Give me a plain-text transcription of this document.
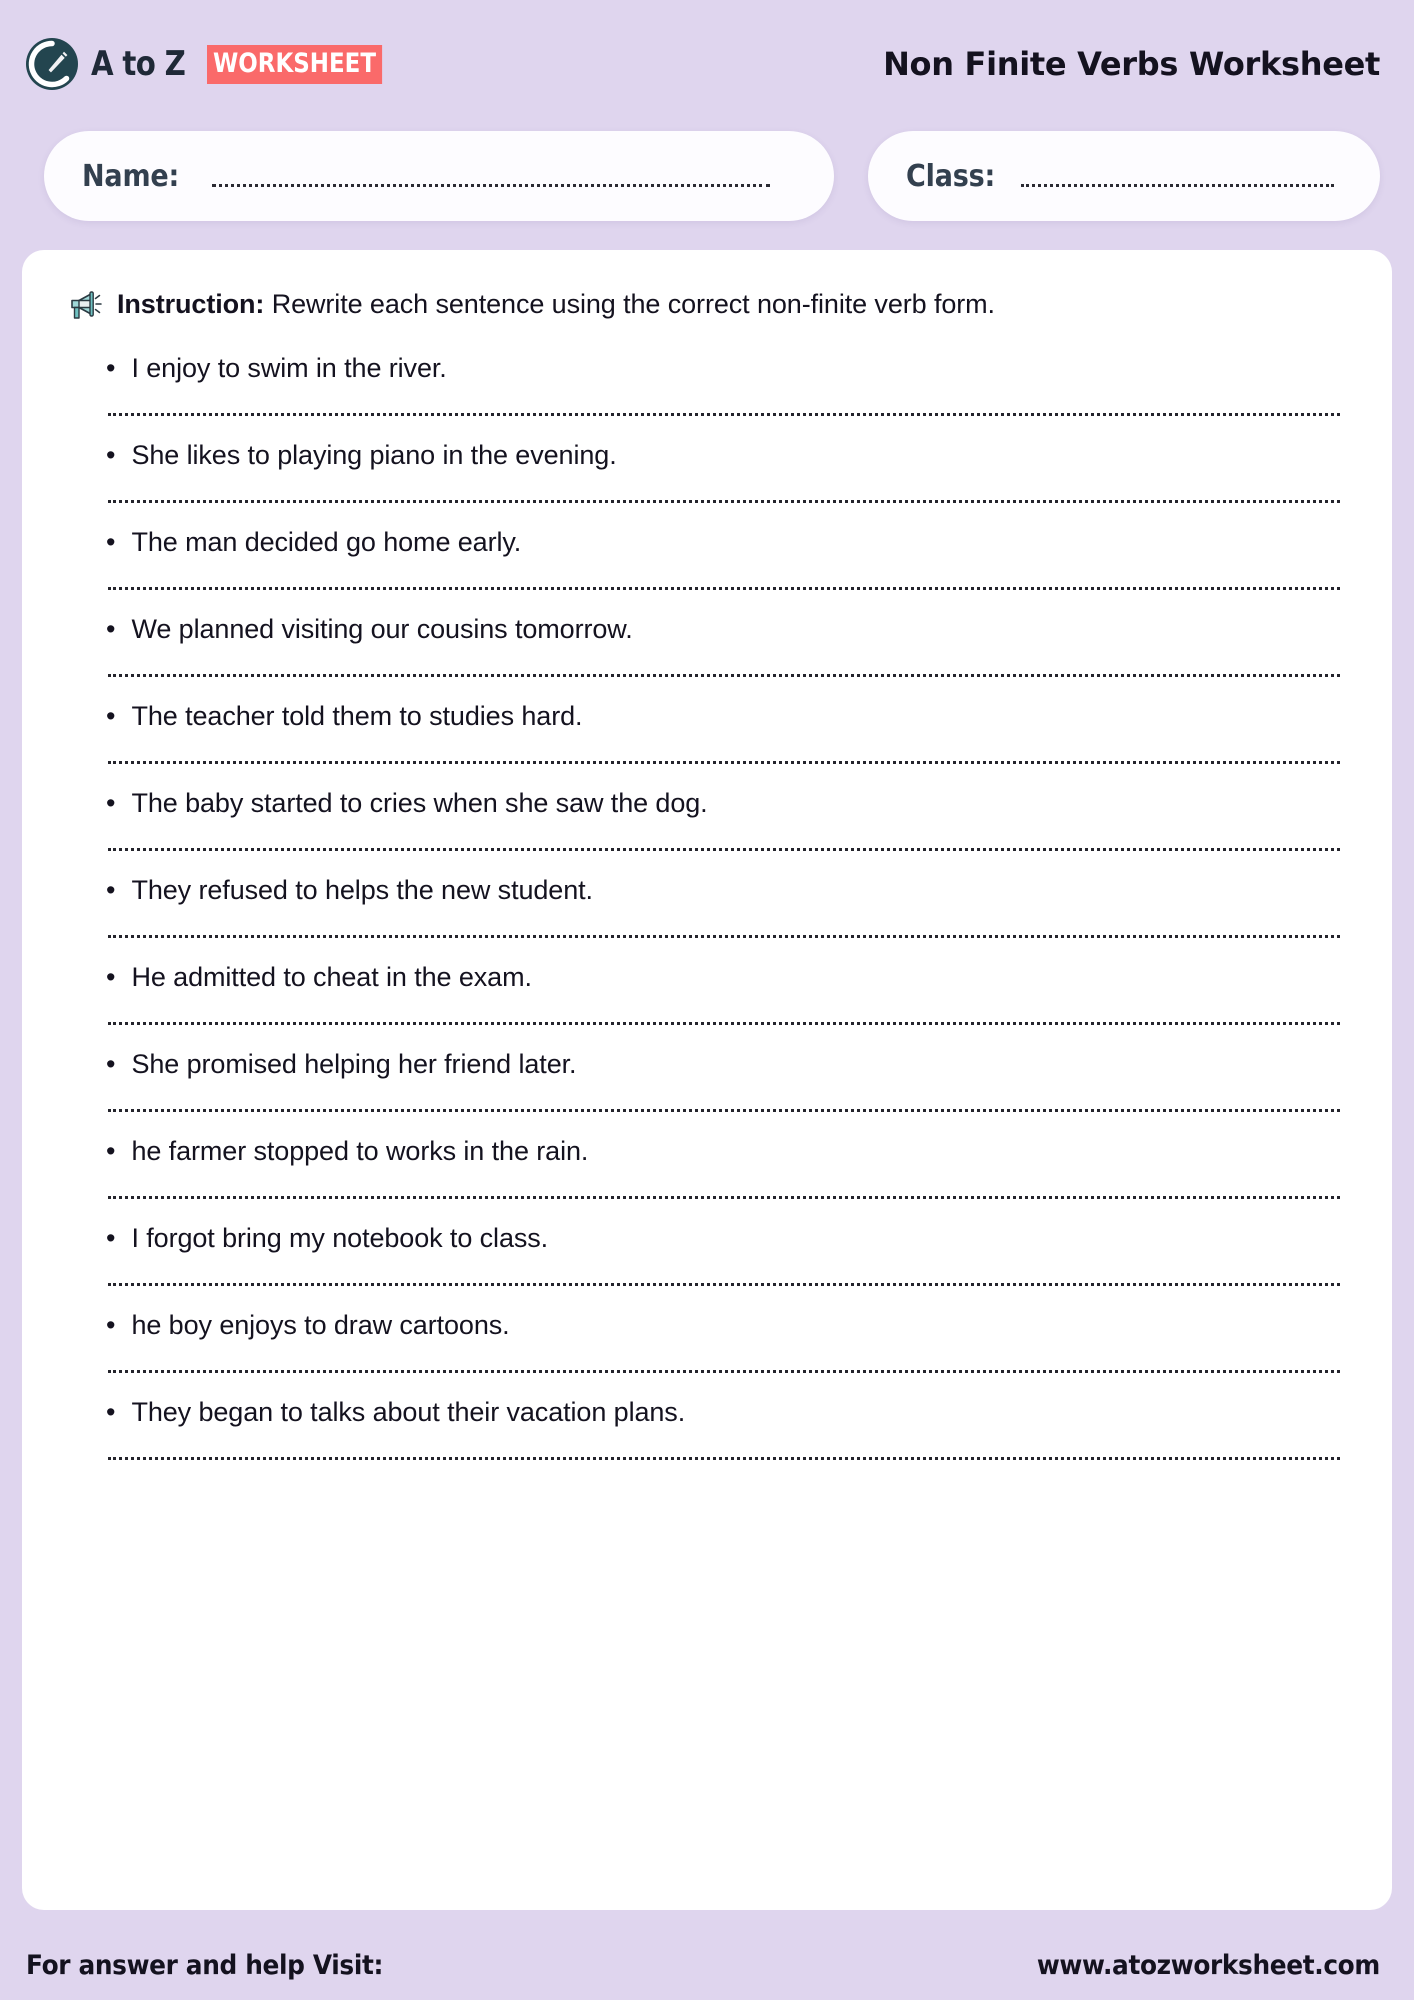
A to Z WORKSHEET	Non Finite Verbs Worksheet
Name:	Class:
Instruction: Rewrite each sentence using the correct non-finite verb form.
• I enjoy to swim in the river.
• She likes to playing piano in the evening.
• The man decided go home early.
• We planned visiting our cousins tomorrow.
• The teacher told them to studies hard.
• The baby started to cries when she saw the dog.
• They refused to helps the new student.
• He admitted to cheat in the exam.
• She promised helping her friend later.
• he farmer stopped to works in the rain.
• I forgot bring my notebook to class.
• he boy enjoys to draw cartoons.
• They began to talks about their vacation plans.
For answer and help Visit:	www.atozworksheet.com
